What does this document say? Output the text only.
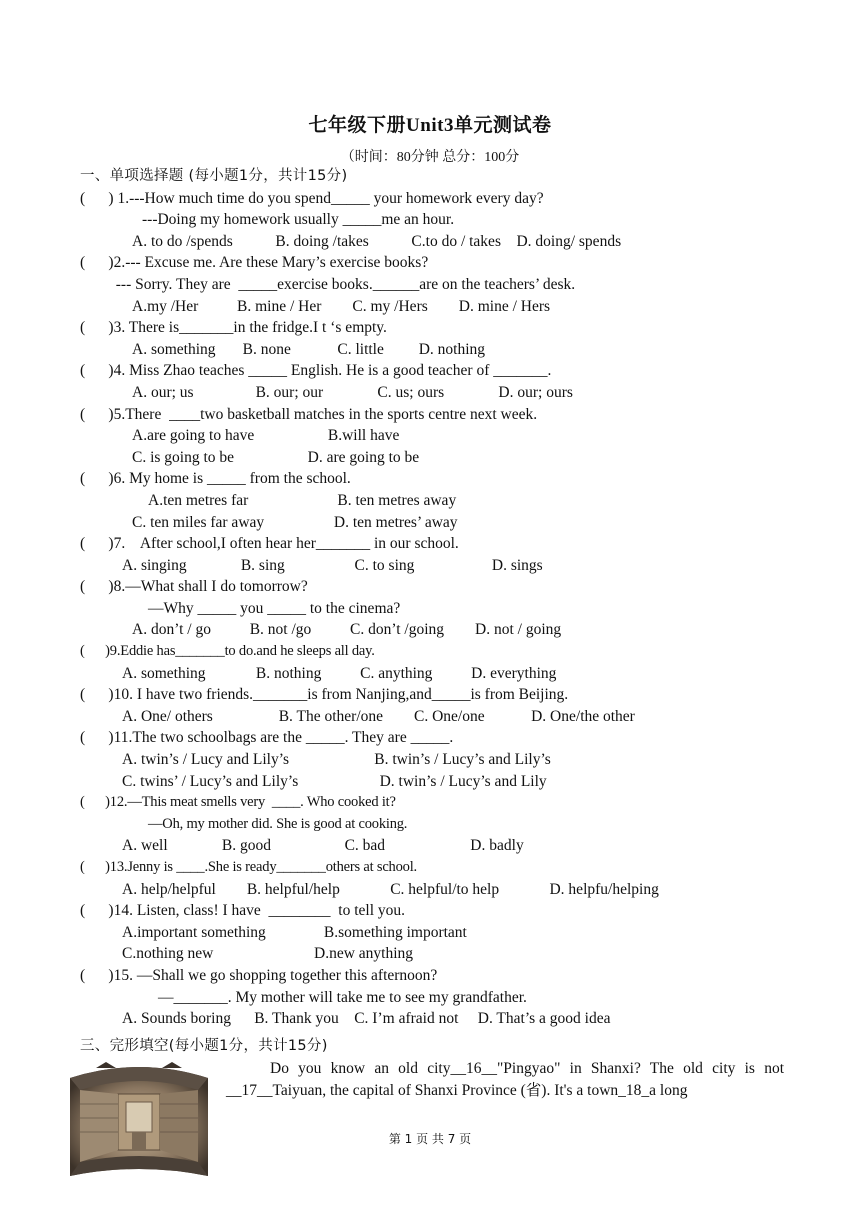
七年级下册Unit3单元测试卷
（时间：80分钟 总分：100分
一、单项选择题 (每小题1分，共计15分)
(      ) 1.---How much time do you spend_____ your homework every day?
---Doing my homework usually _____me an hour.
A. to do /spends           B. doing /takes           C.to do / takes    D. doing/ spends
(      )2.--- Excuse me. Are these Mary’s exercise books?
--- Sorry. They are  _____exercise books.______are on the teachers’ desk.
A.my /Her          B. mine / Her        C. my /Hers        D. mine / Hers
(      )3. There is_______in the fridge.I t ‘s empty.
A. something       B. none            C. little         D. nothing
(      )4. Miss Zhao teaches _____ English. He is a good teacher of _______.
A. our; us                B. our; our              C. us; ours              D. our; ours
(      )5.There  ____two basketball matches in the sports centre next week.
A.are going to have                   B.will have
C. is going to be                   D. are going to be
(      )6. My home is _____ from the school.
A.ten metres far                       B. ten metres away
C. ten miles far away                  D. ten metres’ away
(      )7.    After school,I often hear her_______ in our school.
A. singing              B. sing                  C. to sing                    D. sings
(      )8.—What shall I do tomorrow?
—Why _____ you _____ to the cinema?
A. don’t / go          B. not /go          C. don’t /going        D. not / going
(      )9.Eddie has_______to do.and he sleeps all day.
A. something             B. nothing          C. anything          D. everything
(      )10. I have two friends._______is from Nanjing,and_____is from Beijing.
A. One/ others                 B. The other/one        C. One/one            D. One/the other
(      )11.The two schoolbags are the _____. They are _____.
A. twin’s / Lucy and Lily’s                      B. twin’s / Lucy’s and Lily’s
C. twins’ / Lucy’s and Lily’s                     D. twin’s / Lucy’s and Lily
(      )12.—This meat smells very  ____. Who cooked it?
—Oh, my mother did. She is good at cooking.
A. well              B. good                   C. bad                      D. badly
(      )13.Jenny is ____.She is ready_______others at school.
A. help/helpful        B. helpful/help             C. helpful/to help             D. helpfu/helping
(      )14. Listen, class! I have  ________  to tell you.
A.important something               B.something important
C.nothing new                          D.new anything
(      )15. —Shall we go shopping together this afternoon?
—_______. My mother will take me to see my grandfather.
A. Sounds boring      B. Thank you    C. I’m afraid not     D. That’s a good idea
三、完形填空(每小题1分，共计15分)

Do you know an old city__16__"Pingyao" in Shanxi? The old city is not __17__Taiyuan, the capital of Shanxi Province (省). It's a town_18_a long

第 1 页 共 7 页
